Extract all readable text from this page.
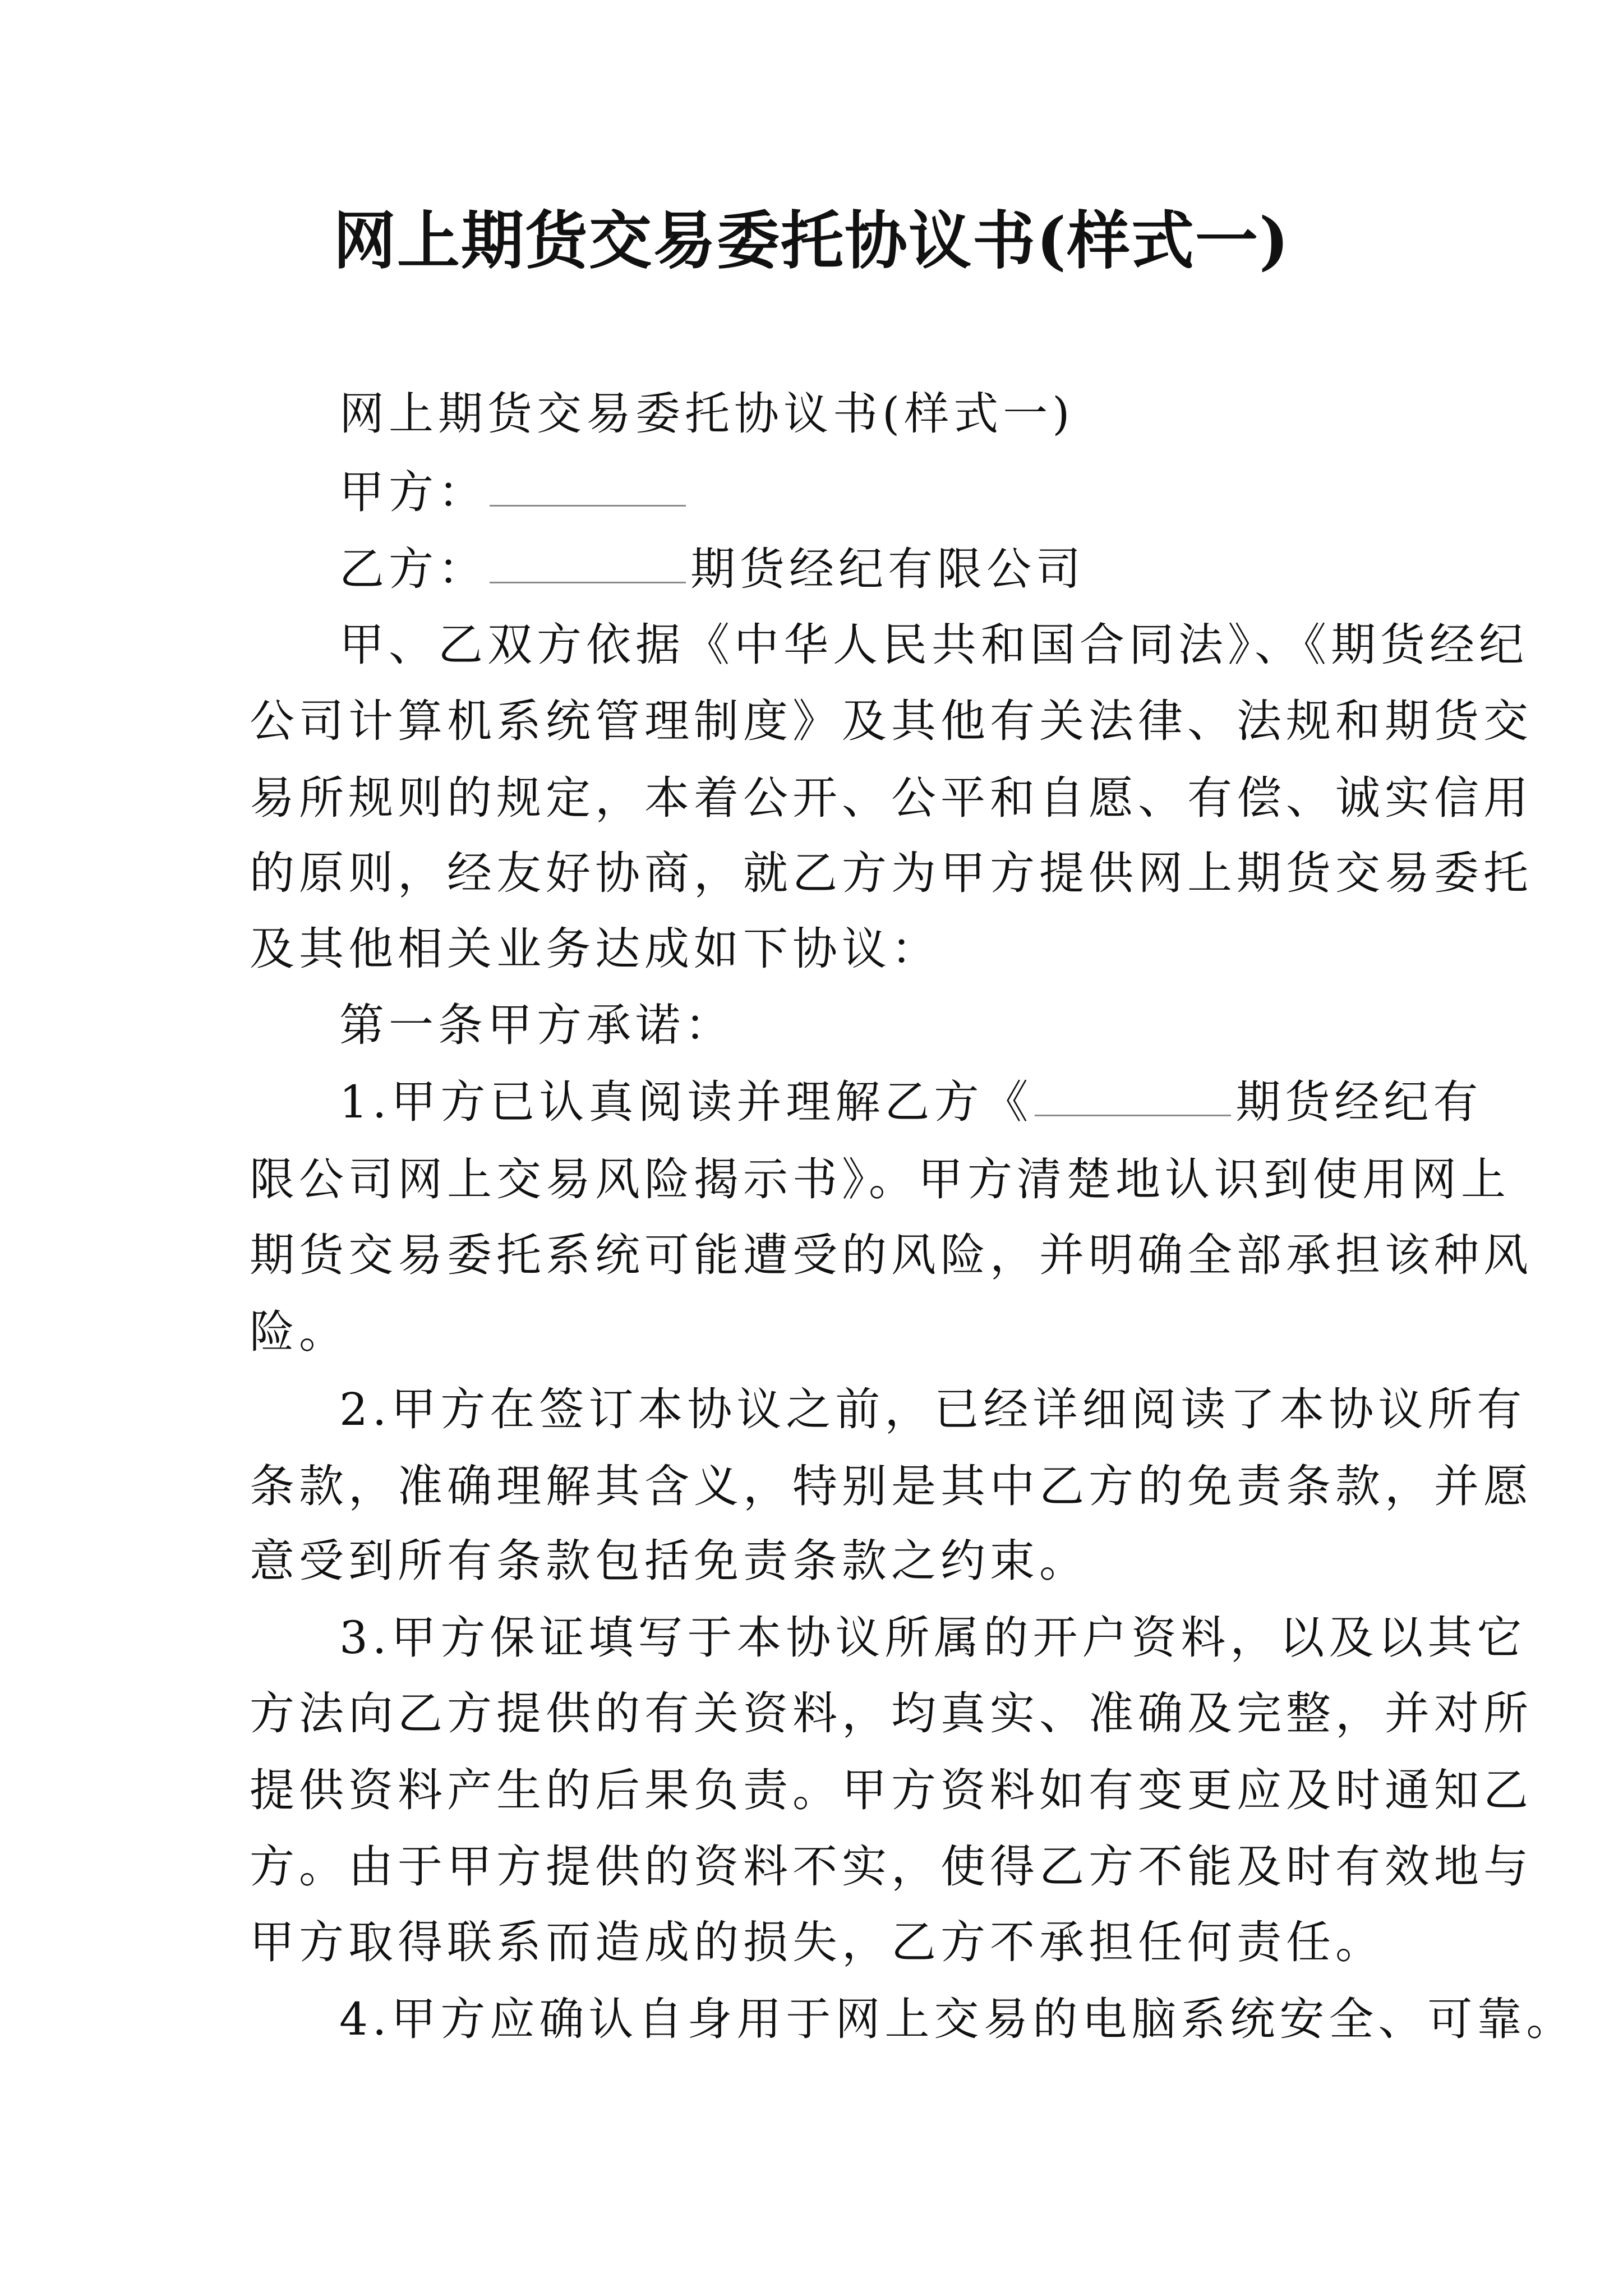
网上期货交易委托协议书(样式一)
网上期货交易委托协议书(样式一)
甲方：
乙方：	期货经纪有限公司
甲、乙双方依据《中华人民共和国合同法》、《期货经纪
公司计算机系统管理制度》及其他有关法律、法规和期货交
易所规则的规定，本着公开、公平和自愿、有偿、诚实信用
的原则，经友好协商，就乙方为甲方提供网上期货交易委托
及其他相关业务达成如下协议：
第一条甲方承诺：
1.甲方已认真阅读并理解乙方《	期货经纪有
限公司网上交易风险揭示书》。甲方清楚地认识到使用网上
期货交易委托系统可能遭受的风险，并明确全部承担该种风
险。
2.甲方在签订本协议之前，已经详细阅读了本协议所有
条款，准确理解其含义，特别是其中乙方的免责条款，并愿
意受到所有条款包括免责条款之约束。
3.甲方保证填写于本协议所属的开户资料，以及以其它
方法向乙方提供的有关资料，均真实、准确及完整，并对所
提供资料产生的后果负责。甲方资料如有变更应及时通知乙
方。由于甲方提供的资料不实，使得乙方不能及时有效地与
甲方取得联系而造成的损失，乙方不承担任何责任。
4.甲方应确认自身用于网上交易的电脑系统安全、可靠。
